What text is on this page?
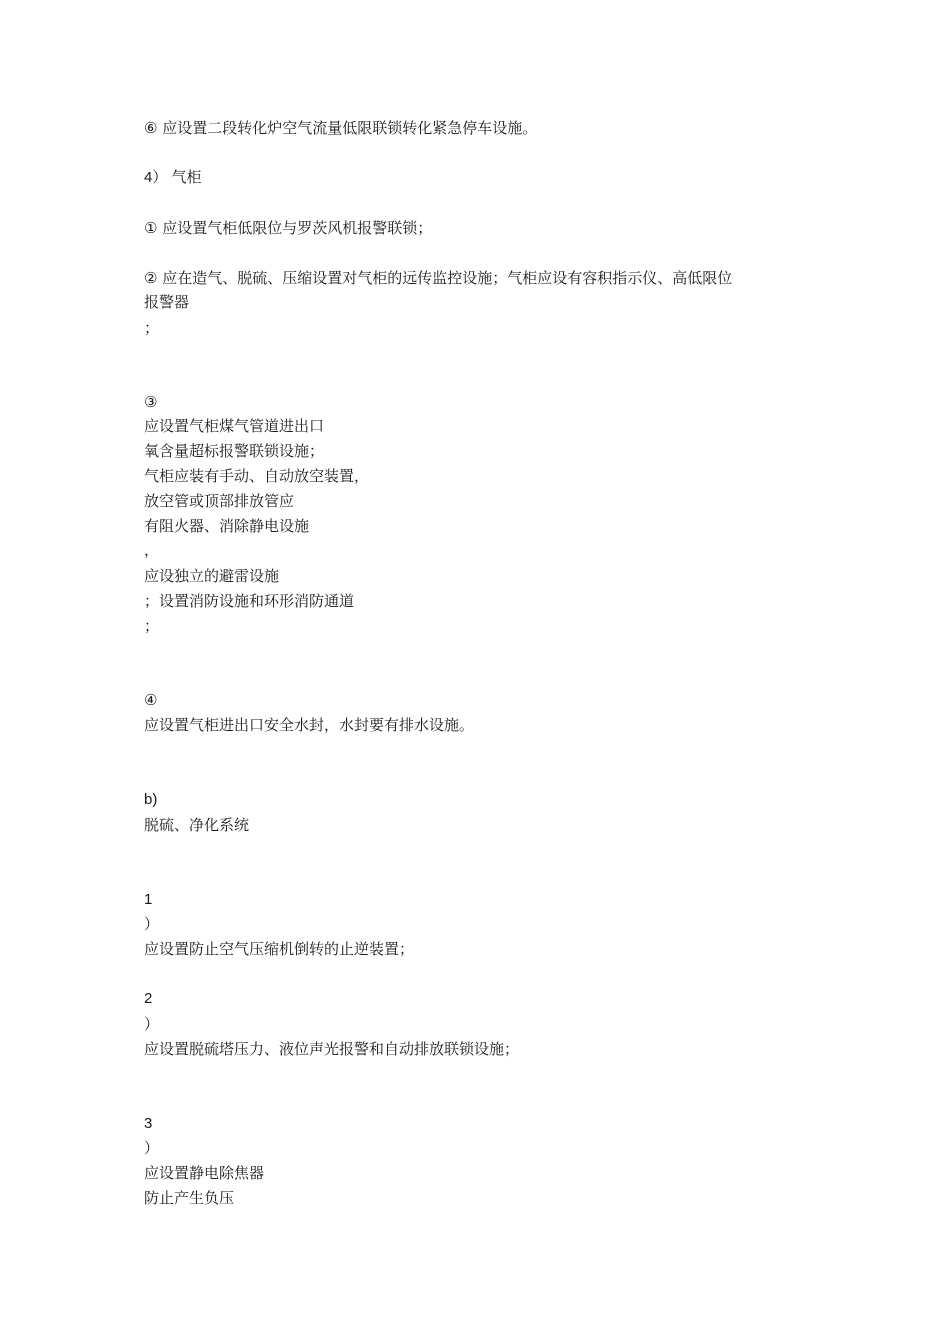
⑥ 应设置二段转化炉空气流量低限联锁转化紧急停车设施。
4） 气柜
① 应设置气柜低限位与罗茨风机报警联锁；
② 应在造气、脱硫、压缩设置对气柜的远传监控设施；气柜应设有容积指示仪、高低限位
报警器
；
③
应设置气柜煤气管道进出口
氧含量超标报警联锁设施；
气柜应装有手动、自动放空装置，
放空管或顶部排放管应
有阻火器、消除静电设施
，
应设独立的避雷设施
；设置消防设施和环形消防通道
；
④
应设置气柜进出口安全水封，水封要有排水设施。
b)
脱硫、净化系统
1
）
应设置防止空气压缩机倒转的止逆装置；
2
）
应设置脱硫塔压力、液位声光报警和自动排放联锁设施；
3
）
应设置静电除焦器
防止产生负压
